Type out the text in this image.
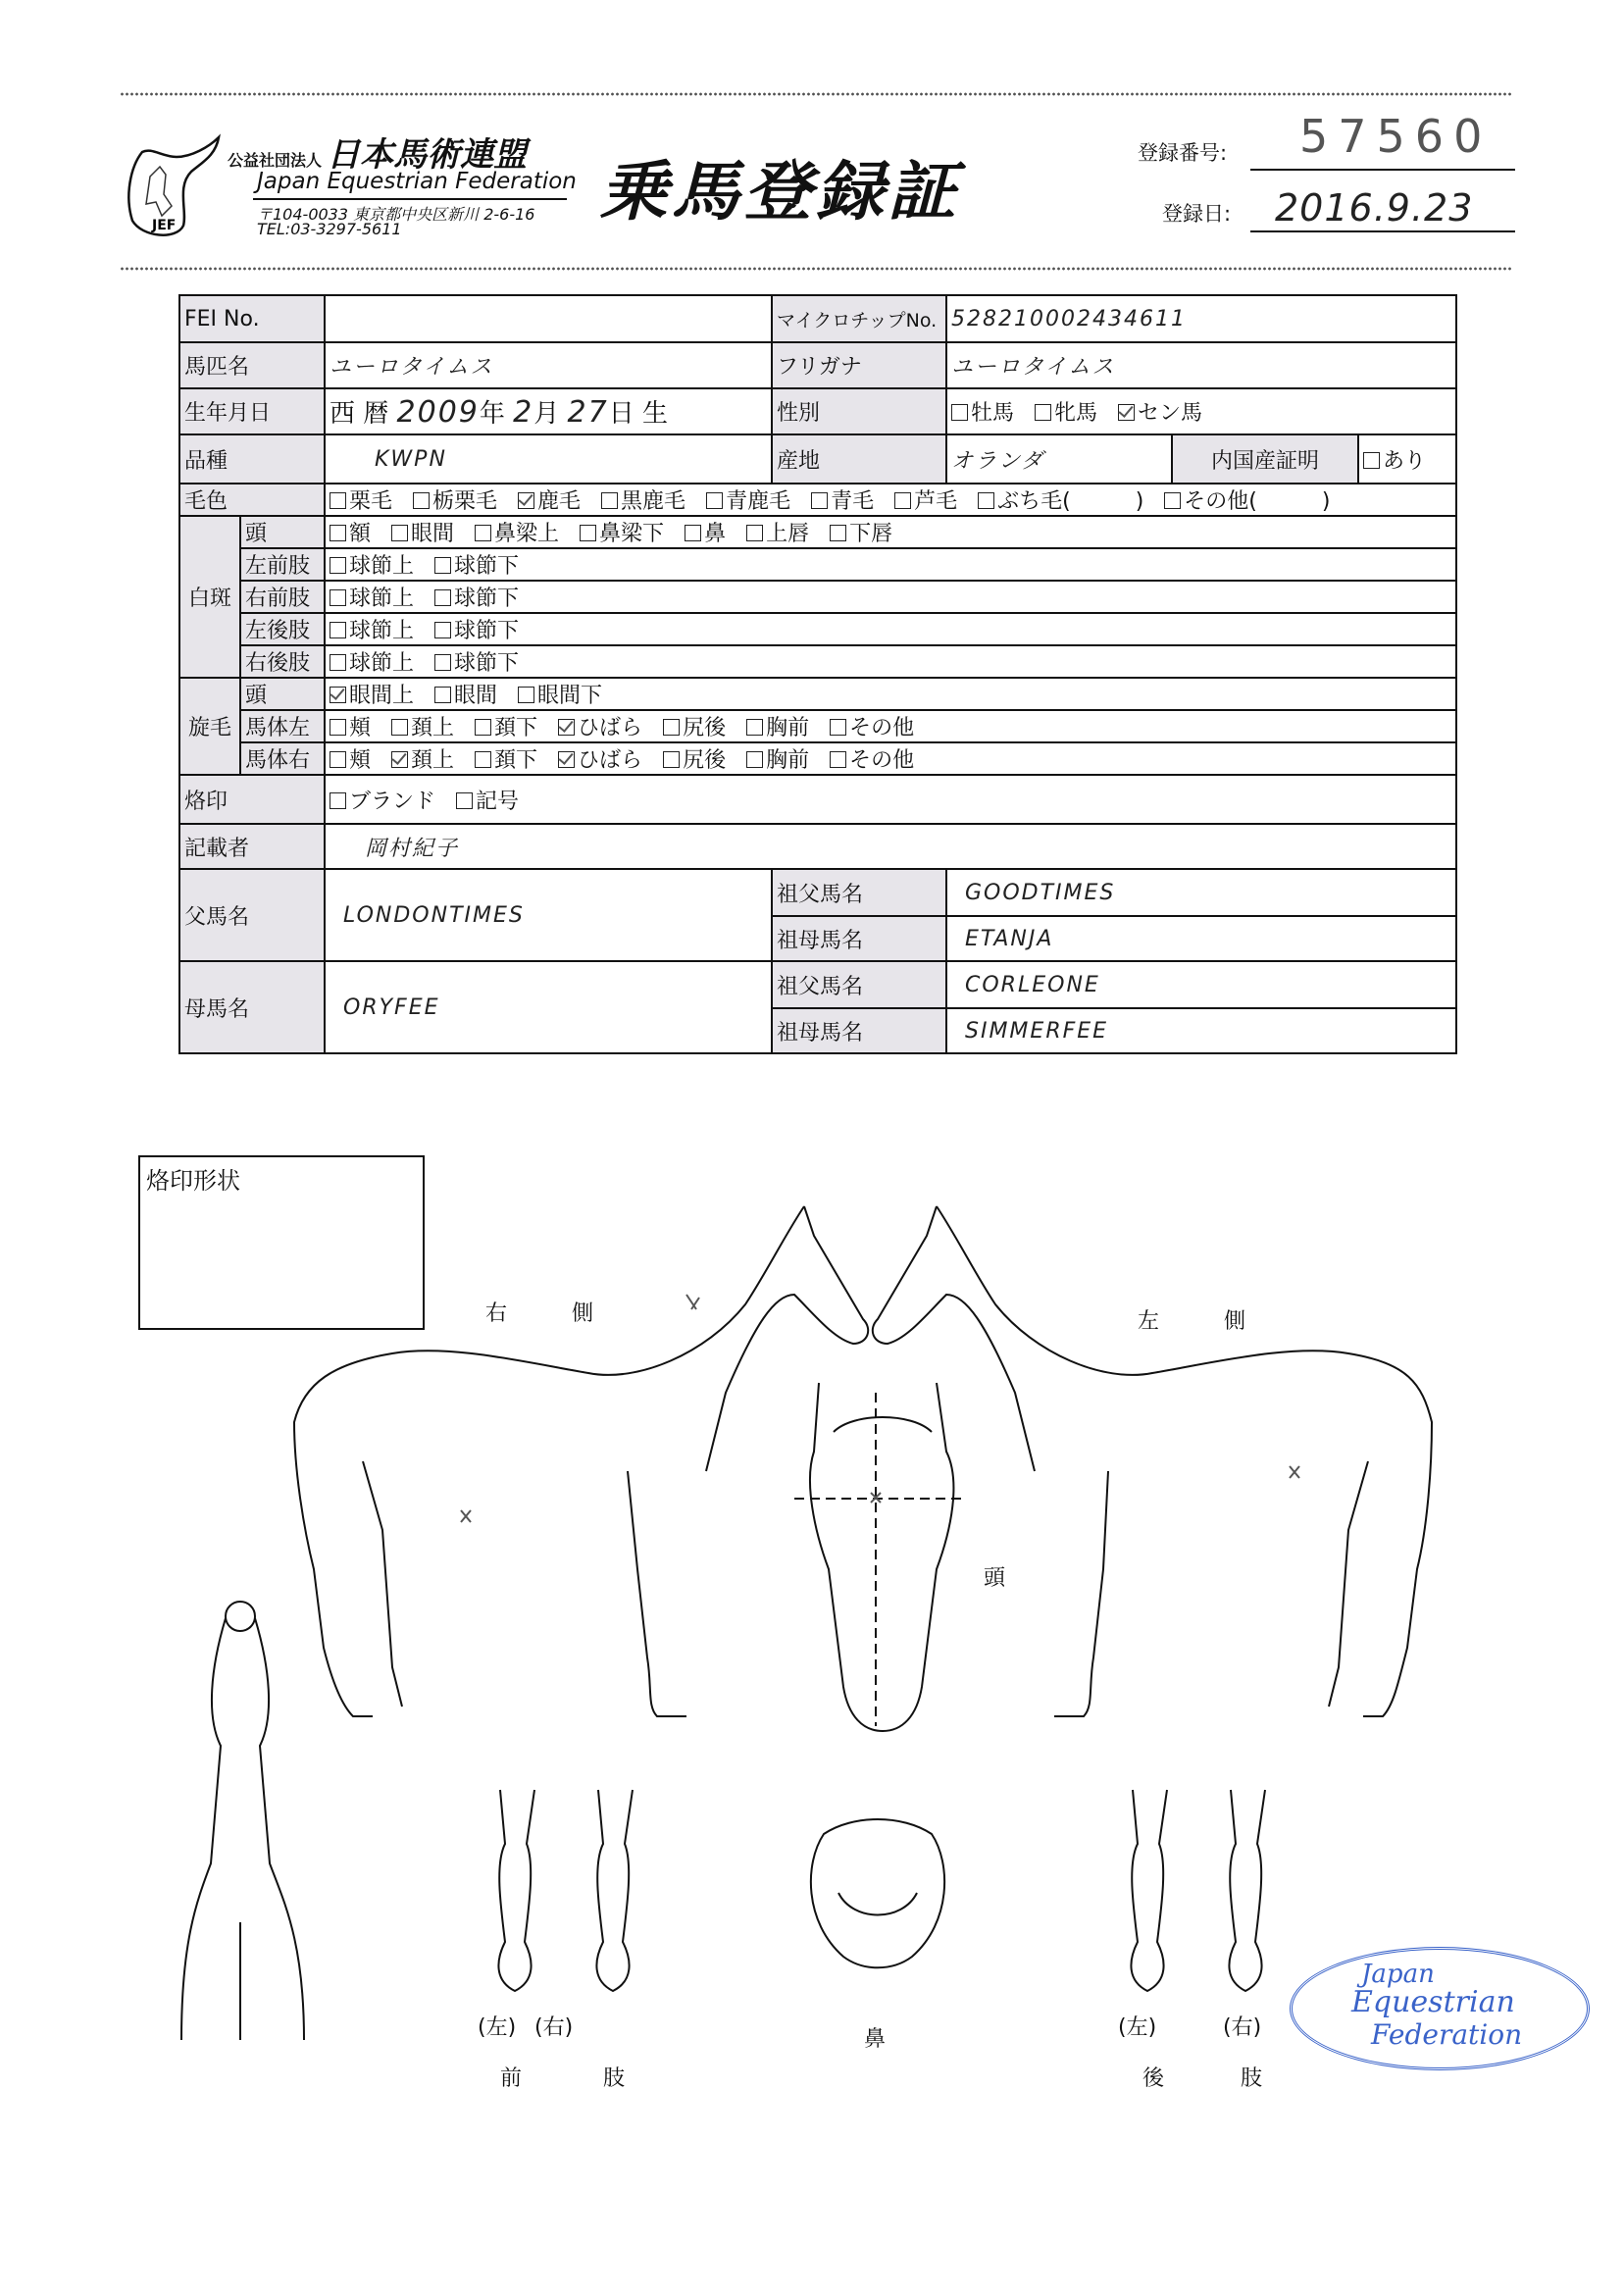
JEF
公益社団法人 日本馬術連盟
Japan Equestrian Federation
〒104-0033 東京都中央区新川 2-6-16
TEL:03-3297-5611	乗馬登録証
登録番号: 57560
登録日: 2016.9.23
FEI No.			マイクロチップNo.	528210002434611		
馬匹名		ユーロタイムス	フリガナ	ユーロタイムス		
生年月日		西 暦 2009年 2月 27日 生	性別	牡馬 牝馬 セン馬		
品種		KWPN	産地	オランダ	内国産証明	あり
毛色		栗毛 栃栗毛 鹿毛 黒鹿毛 青鹿毛 青毛 芦毛 ぶち毛(　　　) その他(　　　)				
白斑	頭	額 眼間 鼻梁上 鼻梁下 鼻 上唇 下唇				
	左前肢	球節上 球節下				
	右前肢	球節上 球節下				
	左後肢	球節上 球節下				
	右後肢	球節上 球節下				
旋毛	頭	眼間上 眼間 眼間下				
	馬体左	頬 頚上 頚下 ひばら 尻後 胸前 その他				
	馬体右	頬 頚上 頚下 ひばら 尻後 胸前 その他				
烙印		ブランド 記号				
記載者		岡村紀子				
父馬名		LONDONTIMES	祖父馬名	GOODTIMES		
			祖母馬名	ETANJA		
母馬名		ORYFEE	祖父馬名	CORLEONE		
			祖母馬名	SIMMERFEE		
烙印形状
右　　　側	左　　　側
頭
鼻
(左) (右)
前	肢
(左)	(右)
後	肢
Japan
Equestrian
Federation
